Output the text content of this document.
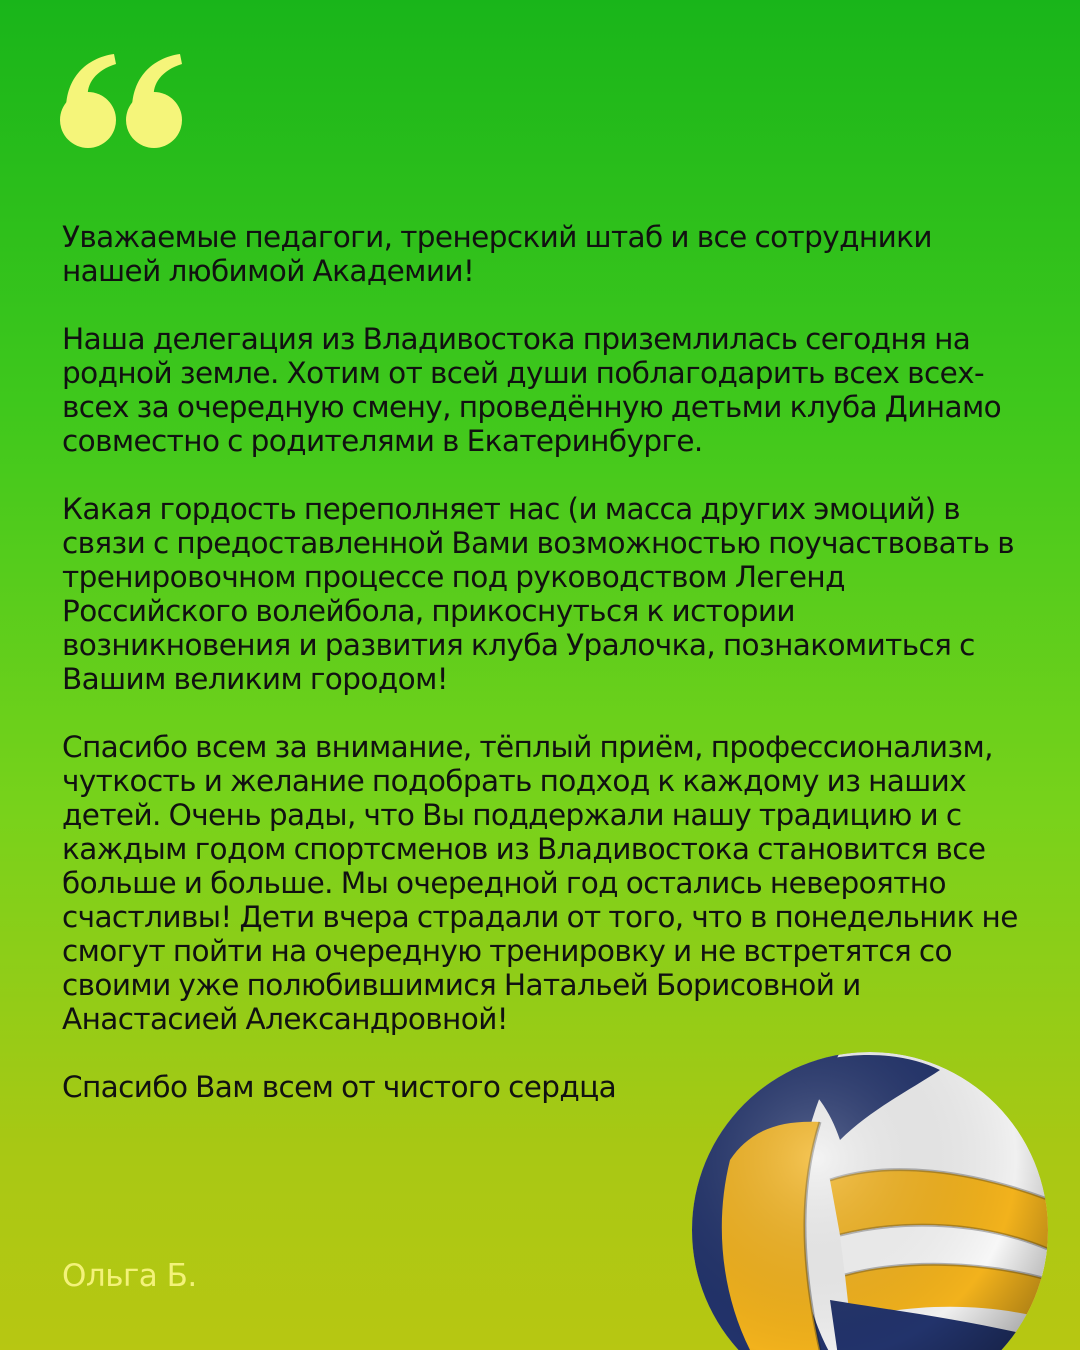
Уважаемые педагоги, тренерский штаб и все сотрудники
нашей любимой Академии!

Наша делегация из Владивостока приземлилась сегодня на
родной земле. Хотим от всей души поблагодарить всех всех-
всех за очередную смену, проведённую детьми клуба Динамо
совместно с родителями в Екатеринбурге.

Какая гордость переполняет нас (и масса других эмоций) в
связи с предоставленной Вами возможностью поучаствовать в
тренировочном процессе под руководством Легенд
Российского волейбола, прикоснуться к истории
возникновения и развития клуба Уралочка, познакомиться с
Вашим великим городом!

Спасибо всем за внимание, тёплый приём, профессионализм,
чуткость и желание подобрать подход к каждому из наших
детей. Очень рады, что Вы поддержали нашу традицию и с
каждым годом спортсменов из Владивостока становится все
больше и больше. Мы очередной год остались невероятно
счастливы! Дети вчера страдали от того, что в понедельник не
смогут пойти на очередную тренировку и не встретятся со
своими уже полюбившимися Натальей Борисовной и
Анастасией Александровной!

Спасибо Вам всем от чистого сердца

Ольга Б.
